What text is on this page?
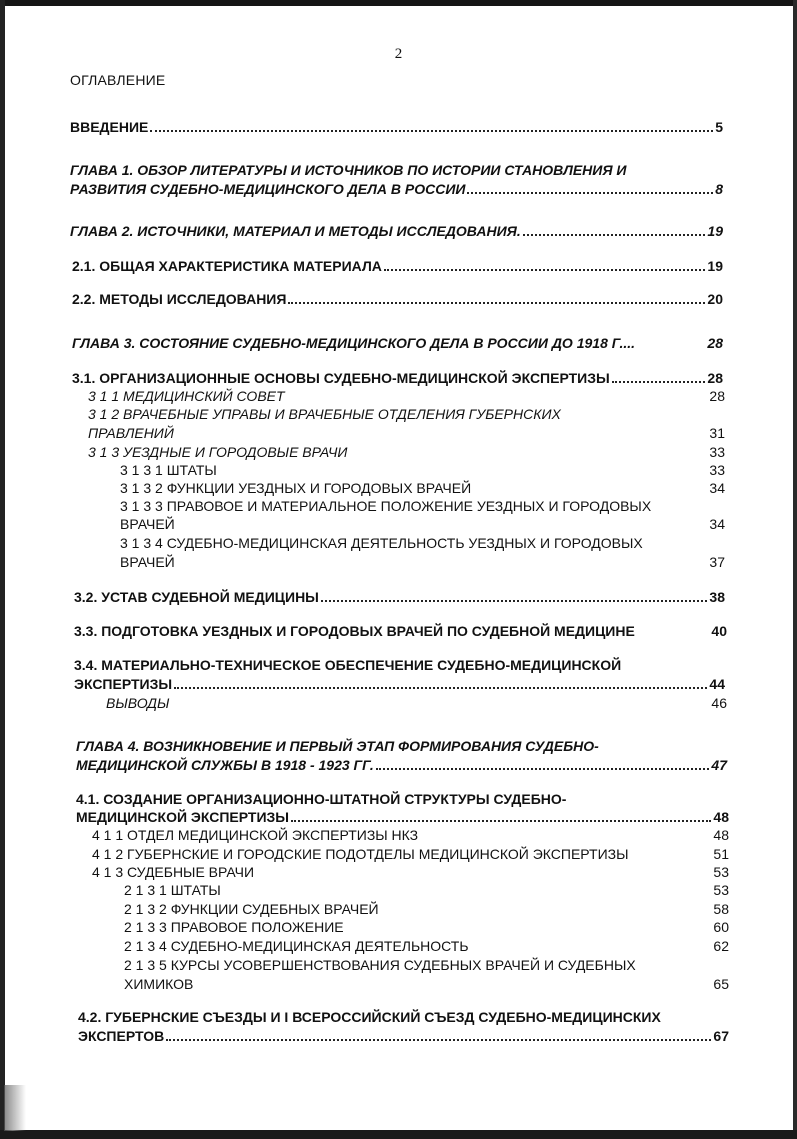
2
ОГЛАВЛЕНИЕ
ВВЕДЕНИЕ	5
ГЛАВА 1. ОБЗОР ЛИТЕРАТУРЫ И ИСТОЧНИКОВ ПО ИСТОРИИ СТАНОВЛЕНИЯ И
РАЗВИТИЯ СУДЕБНО-МЕДИЦИНСКОГО ДЕЛА В РОССИИ	8
ГЛАВА 2. ИСТОЧНИКИ, МАТЕРИАЛ И МЕТОДЫ ИССЛЕДОВАНИЯ.	19
2.1. ОБЩАЯ ХАРАКТЕРИСТИКА МАТЕРИАЛА	19
2.2. МЕТОДЫ ИССЛЕДОВАНИЯ	20
ГЛАВА 3. СОСТОЯНИЕ СУДЕБНО-МЕДИЦИНСКОГО ДЕЛА В РОССИИ ДО 1918 Г....	28
3.1. ОРГАНИЗАЦИОННЫЕ ОСНОВЫ СУДЕБНО-МЕДИЦИНСКОЙ ЭКСПЕРТИЗЫ	28
3 1 1 МЕДИЦИНСКИЙ СОВЕТ	28
3 1 2 ВРАЧЕБНЫЕ УПРАВЫ И ВРАЧЕБНЫЕ ОТДЕЛЕНИЯ ГУБЕРНСКИХ
ПРАВЛЕНИЙ	31
3 1 3 УЕЗДНЫЕ И ГОРОДОВЫЕ ВРАЧИ	33
3 1 3 1 ШТАТЫ	33
3 1 3 2 ФУНКЦИИ УЕЗДНЫХ И ГОРОДОВЫХ ВРАЧЕЙ	34
3 1 3 3 ПРАВОВОЕ И МАТЕРИАЛЬНОЕ ПОЛОЖЕНИЕ УЕЗДНЫХ И ГОРОДОВЫХ
ВРАЧЕЙ	34
3 1 3 4 СУДЕБНО-МЕДИЦИНСКАЯ ДЕЯТЕЛЬНОСТЬ УЕЗДНЫХ И ГОРОДОВЫХ
ВРАЧЕЙ	37
3.2. УСТАВ СУДЕБНОЙ МЕДИЦИНЫ	38
3.3. ПОДГОТОВКА УЕЗДНЫХ И ГОРОДОВЫХ ВРАЧЕЙ ПО СУДЕБНОЙ МЕДИЦИНЕ	40
3.4. МАТЕРИАЛЬНО-ТЕХНИЧЕСКОЕ ОБЕСПЕЧЕНИЕ СУДЕБНО-МЕДИЦИНСКОЙ
ЭКСПЕРТИЗЫ	44
ВЫВОДЫ	46
ГЛАВА 4. ВОЗНИКНОВЕНИЕ И ПЕРВЫЙ ЭТАП ФОРМИРОВАНИЯ СУДЕБНО-
МЕДИЦИНСКОЙ СЛУЖБЫ В 1918 - 1923 ГГ.	47
4.1. СОЗДАНИЕ ОРГАНИЗАЦИОННО-ШТАТНОЙ СТРУКТУРЫ СУДЕБНО-
МЕДИЦИНСКОЙ ЭКСПЕРТИЗЫ	48
4 1 1 ОТДЕЛ МЕДИЦИНСКОЙ ЭКСПЕРТИЗЫ НКЗ	48
4 1 2 ГУБЕРНСКИЕ И ГОРОДСКИЕ ПОДОТДЕЛЫ МЕДИЦИНСКОЙ ЭКСПЕРТИЗЫ	51
4 1 3 СУДЕБНЫЕ ВРАЧИ	53
2 1 3 1 ШТАТЫ	53
2 1 3 2 ФУНКЦИИ СУДЕБНЫХ ВРАЧЕЙ	58
2 1 3 3 ПРАВОВОЕ ПОЛОЖЕНИЕ	60
2 1 3 4 СУДЕБНО-МЕДИЦИНСКАЯ ДЕЯТЕЛЬНОСТЬ	62
2 1 3 5 КУРСЫ УСОВЕРШЕНСТВОВАНИЯ СУДЕБНЫХ ВРАЧЕЙ И СУДЕБНЫХ
ХИМИКОВ	65
4.2. ГУБЕРНСКИЕ СЪЕЗДЫ И I ВСЕРОССИЙСКИЙ СЪЕЗД СУДЕБНО-МЕДИЦИНСКИХ
ЭКСПЕРТОВ	67
